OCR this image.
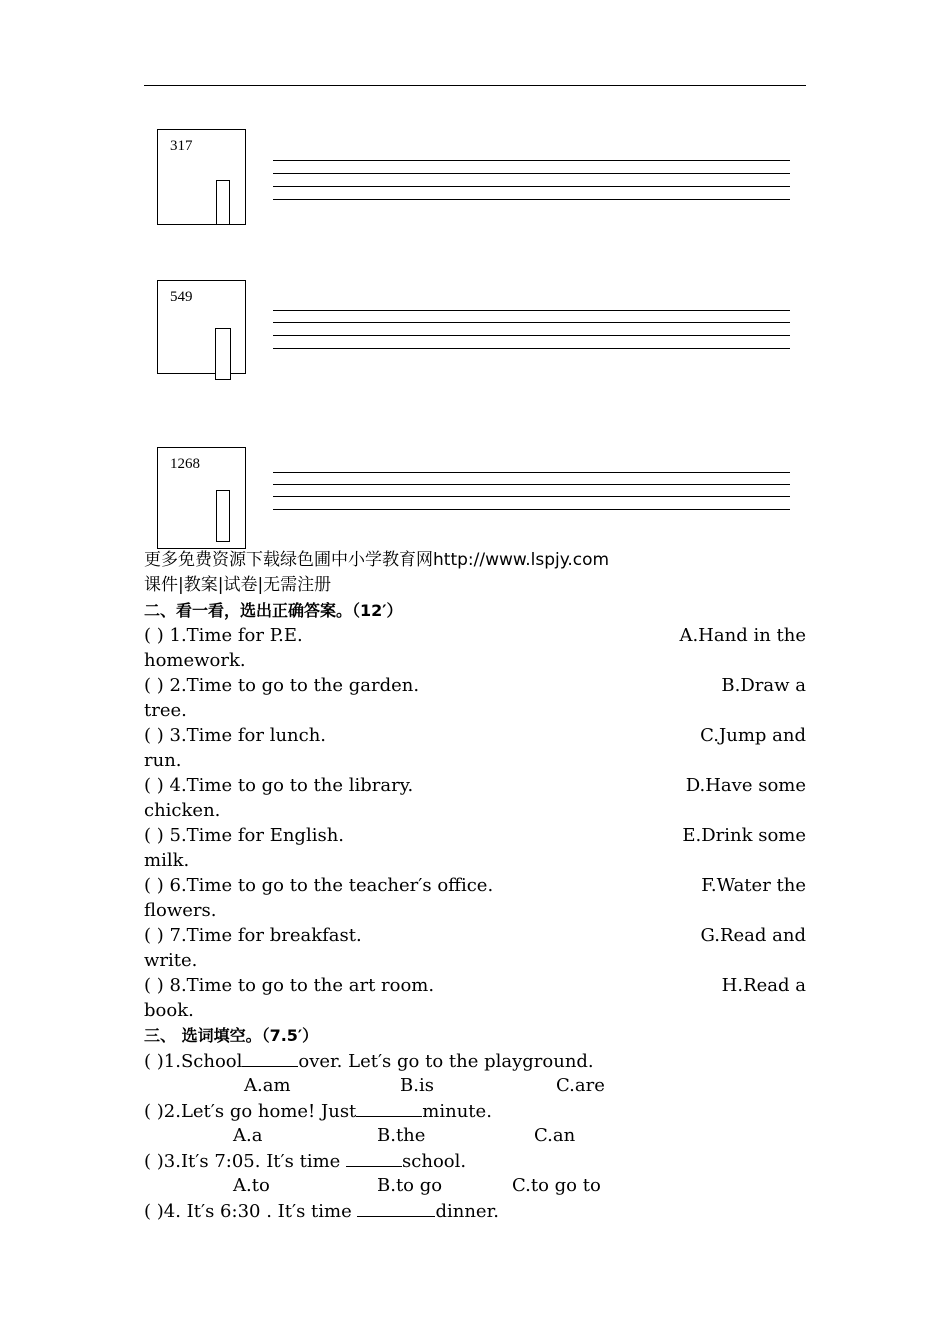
317
549
1268
更多免费资源下载绿色圃中小学教育网http://www.lspjy.com
课件|教案|试卷|无需注册
二、看一看，选出正确答案。（12′）
( ) 1.Time for P.E.	A.Hand in the
homework.
( ) 2.Time to go to the garden.	B.Draw a
tree.
( ) 3.Time for lunch.	C.Jump and
run.
( ) 4.Time to go to the library.	D.Have some
chicken.
( ) 5.Time for English.	E.Drink some
milk.
( ) 6.Time to go to the teacher′s office.	F.Water the
flowers.
( ) 7.Time for breakfast.	G.Read and
write.
( ) 8.Time to go to the art room.	H.Read a
book.
三、 选词填空。（7.5′）
( )1.School	over. Let′s go to the playground.
A.am	B.is	C.are
( )2.Let′s go home! Just	minute.
A.a	B.the	C.an
( )3.It′s 7:05. It′s time	school.
A.to	B.to go	C.to go to
( )4. It′s 6:30 . It′s time	dinner.
